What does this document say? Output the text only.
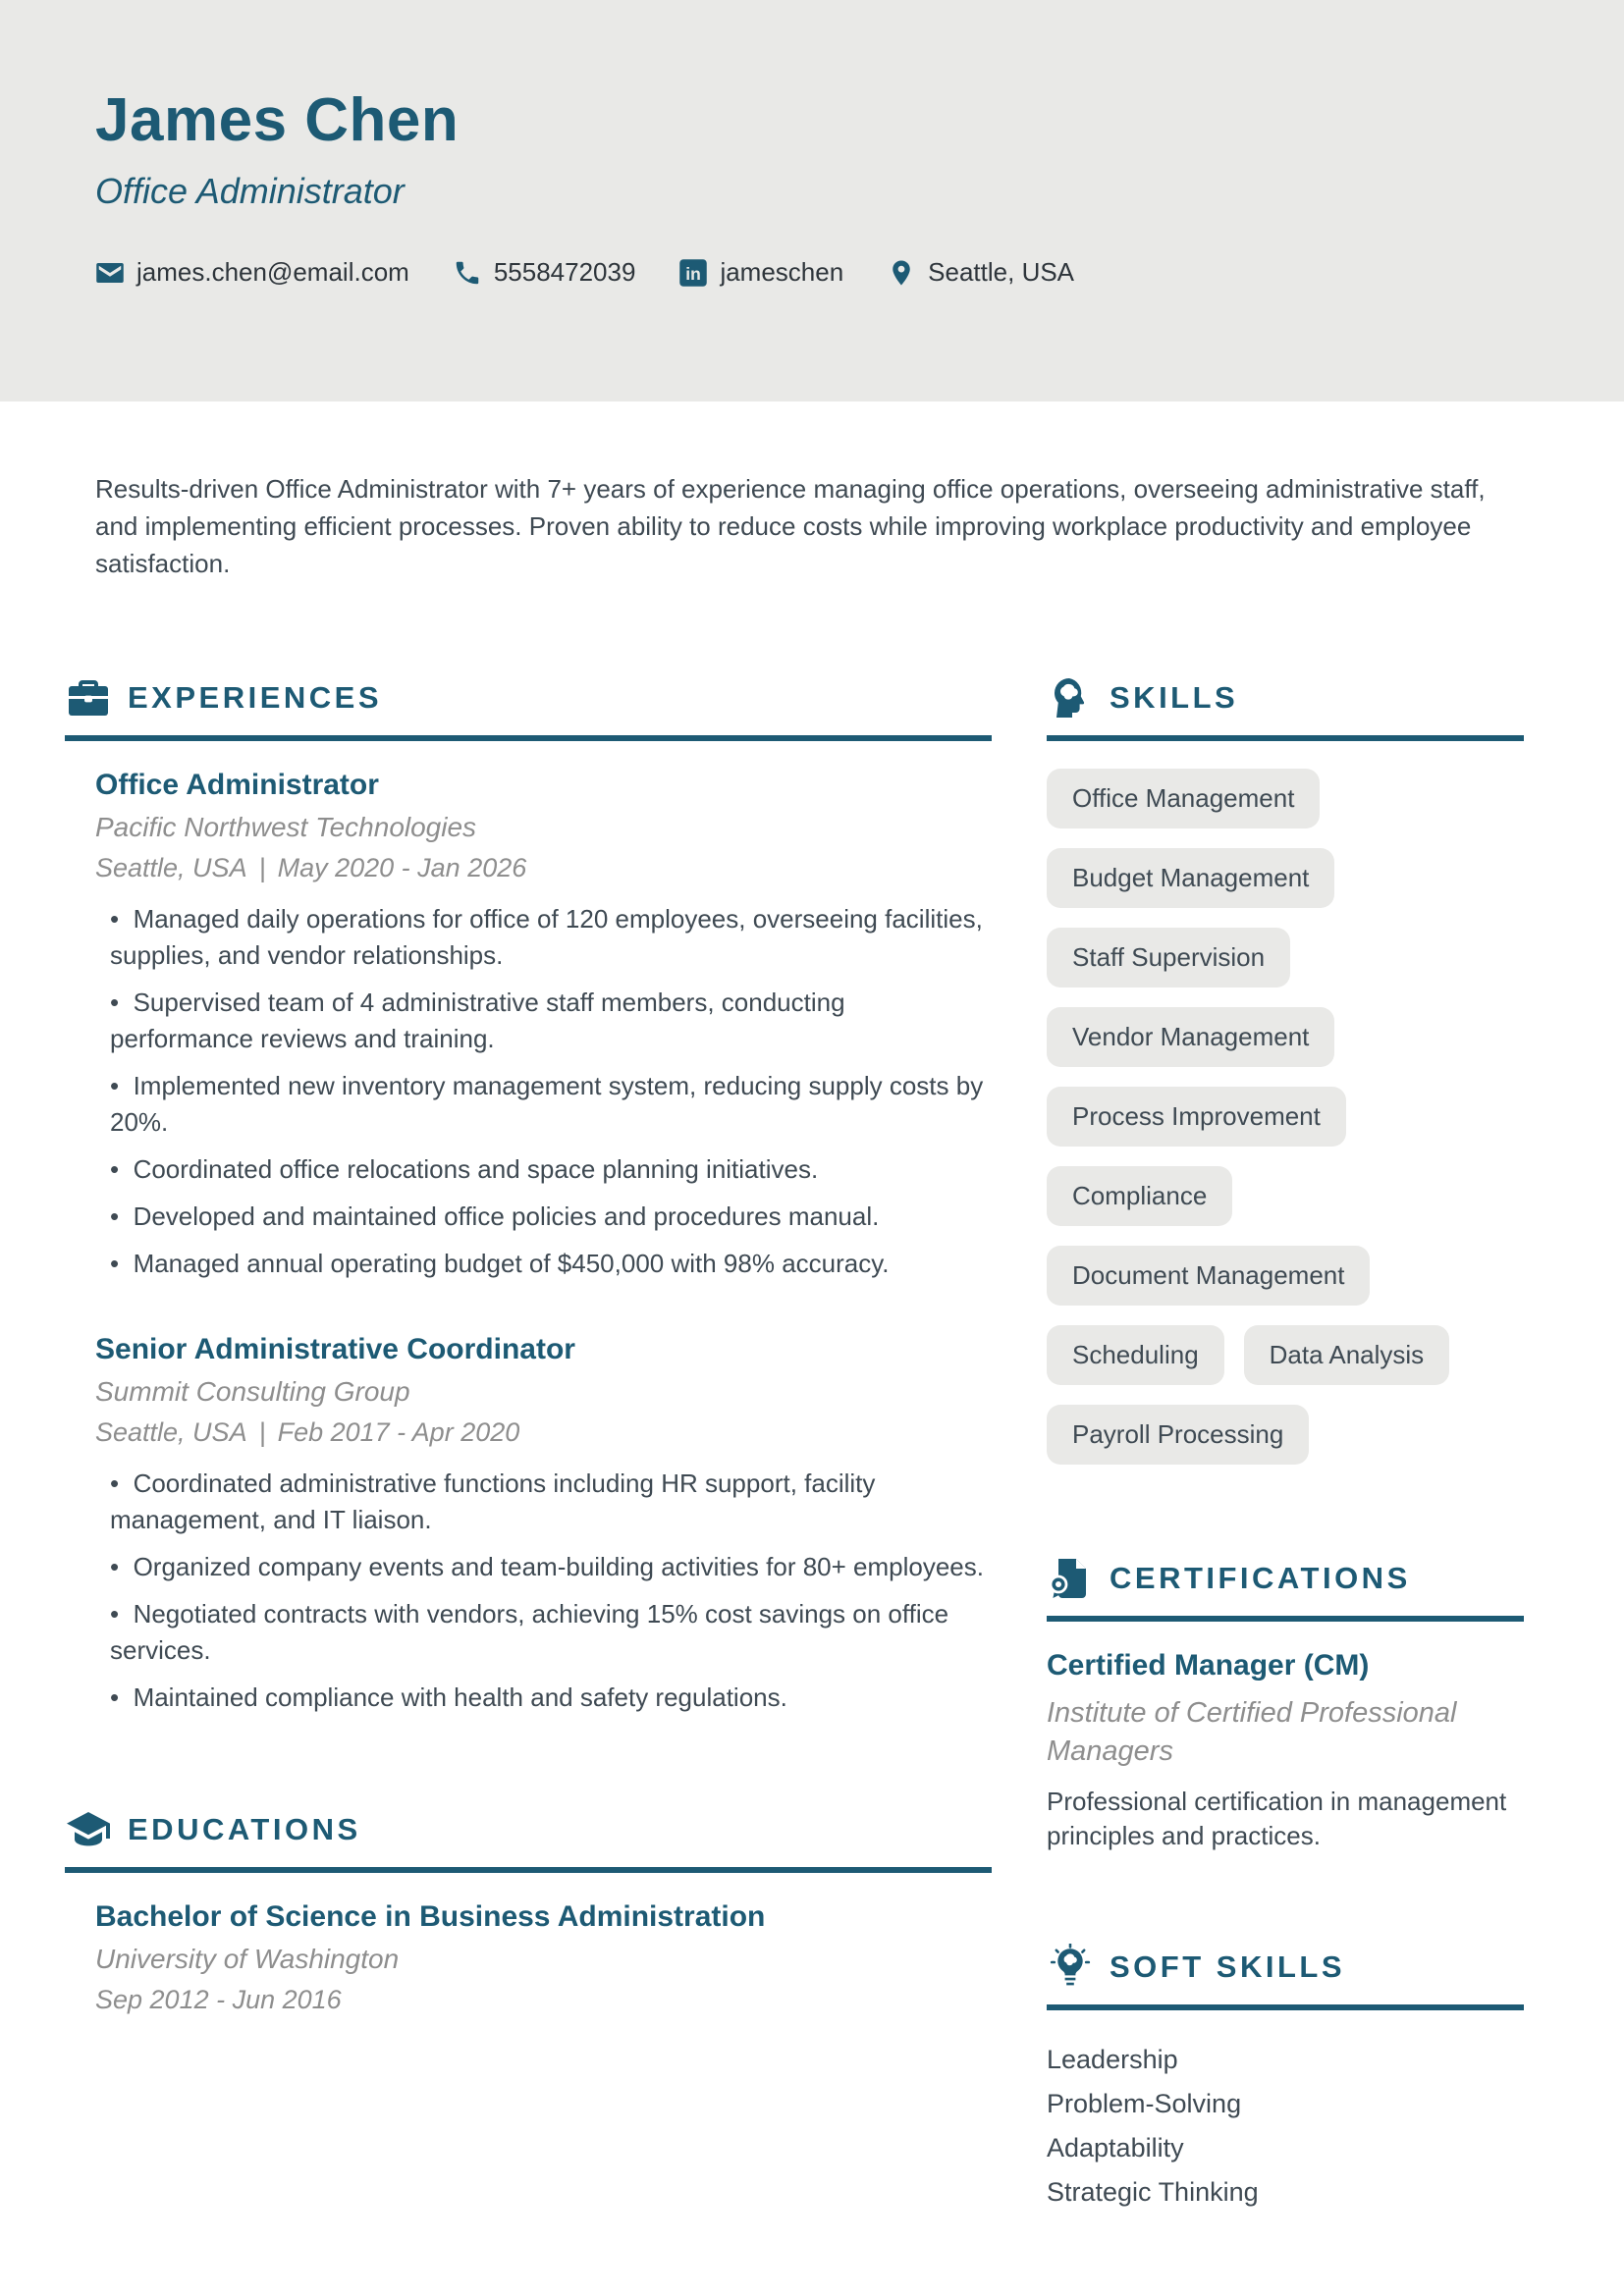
James Chen
Office Administrator
james.chen@email.com	5558472039	in jameschen	Seattle, USA

Results-driven Office Administrator with 7+ years of experience managing office operations, overseeing administrative staff, and implementing efficient processes. Proven ability to reduce costs while improving workplace productivity and employee satisfaction.

EXPERIENCES
Office Administrator
Pacific Northwest Technologies
Seattle, USA | May 2020 - Jan 2026
•  Managed daily operations for office of 120 employees, overseeing facilities, supplies, and vendor relationships.
•  Supervised team of 4 administrative staff members, conducting performance reviews and training.
•  Implemented new inventory management system, reducing supply costs by 20%.
•  Coordinated office relocations and space planning initiatives.
•  Developed and maintained office policies and procedures manual.
•  Managed annual operating budget of $450,000 with 98% accuracy.
Senior Administrative Coordinator
Summit Consulting Group
Seattle, USA | Feb 2017 - Apr 2020
•  Coordinated administrative functions including HR support, facility management, and IT liaison.
•  Organized company events and team-building activities for 80+ employees.
•  Negotiated contracts with vendors, achieving 15% cost savings on office services.
•  Maintained compliance with health and safety regulations.
EDUCATIONS
Bachelor of Science in Business Administration
University of Washington
Sep 2012 - Jun 2016
SKILLS
Office Management
Budget Management
Staff Supervision
Vendor Management
Process Improvement
Compliance
Document Management
Scheduling	Data Analysis
Payroll Processing
CERTIFICATIONS
Certified Manager (CM)
Institute of Certified Professional Managers
Professional certification in management principles and practices.
SOFT SKILLS
Leadership
Problem-Solving
Adaptability
Strategic Thinking
